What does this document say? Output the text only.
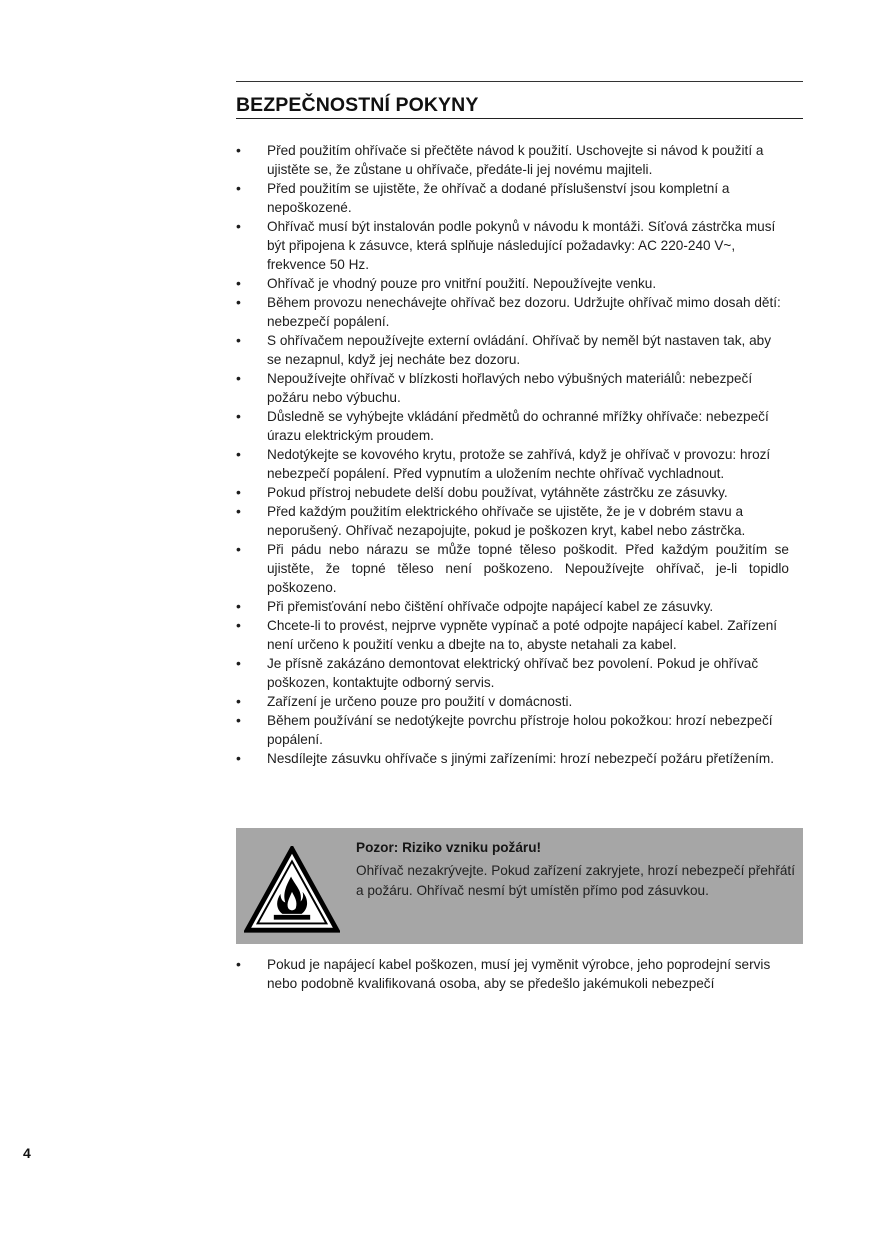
BEZPEČNOSTNÍ POKYNY
• Před použitím ohřívače si přečtěte návod k použití. Uschovejte si návod k použití a ujistěte se, že zůstane u ohřívače, předáte-li jej novému majiteli.
• Před použitím se ujistěte, že ohřívač a dodané příslušenství jsou kompletní a nepoškozené.
• Ohřívač musí být instalován podle pokynů v návodu k montáži. Síťová zástrčka musí být připojena k zásuvce, která splňuje následující požadavky: AC 220-240 V~, frekvence 50 Hz.
• Ohřívač je vhodný pouze pro vnitřní použití. Nepoužívejte venku.
• Během provozu nenechávejte ohřívač bez dozoru. Udržujte ohřívač mimo dosah dětí: nebezpečí popálení.
• S ohřívačem nepoužívejte externí ovládání. Ohřívač by neměl být nastaven tak, aby se nezapnul, když jej necháte bez dozoru.
• Nepoužívejte ohřívač v blízkosti hořlavých nebo výbušných materiálů: nebezpečí požáru nebo výbuchu.
• Důsledně se vyhýbejte vkládání předmětů do ochranné mřížky ohřívače: nebezpečí úrazu elektrickým proudem.
• Nedotýkejte se kovového krytu, protože se zahřívá, když je ohřívač v provozu: hrozí nebezpečí popálení. Před vypnutím a uložením nechte ohřívač vychladnout.
• Pokud přístroj nebudete delší dobu používat, vytáhněte zástrčku ze zásuvky.
• Před každým použitím elektrického ohřívače se ujistěte, že je v dobrém stavu a neporušený. Ohřívač nezapojujte, pokud je poškozen kryt, kabel nebo zástrčka.
• Při pádu nebo nárazu se může topné těleso poškodit. Před každým použitím se ujistěte, že topné těleso není poškozeno. Nepoužívejte ohřívač, je-li topidlo poškozeno.
• Při přemisťování nebo čištění ohřívače odpojte napájecí kabel ze zásuvky.
• Chcete-li to provést, nejprve vypněte vypínač a poté odpojte napájecí kabel. Zařízení není určeno k použití venku a dbejte na to, abyste netahali za kabel.
• Je přísně zakázáno demontovat elektrický ohřívač bez povolení. Pokud je ohřívač poškozen, kontaktujte odborný servis.
• Zařízení je určeno pouze pro použití v domácnosti.
• Během používání se nedotýkejte povrchu přístroje holou pokožkou: hrozí nebezpečí popálení.
• Nesdílejte zásuvku ohřívače s jinými zařízeními: hrozí nebezpečí požáru přetížením.
Pozor: Riziko vzniku požáru!
Ohřívač nezakrývejte. Pokud zařízení zakryjete, hrozí nebezpečí přehřátí a požáru. Ohřívač nesmí být umístěn přímo pod zásuvkou.
• Pokud je napájecí kabel poškozen, musí jej vyměnit výrobce, jeho poprodejní servis nebo podobně kvalifikovaná osoba, aby se předešlo jakémukoli nebezpečí
4
